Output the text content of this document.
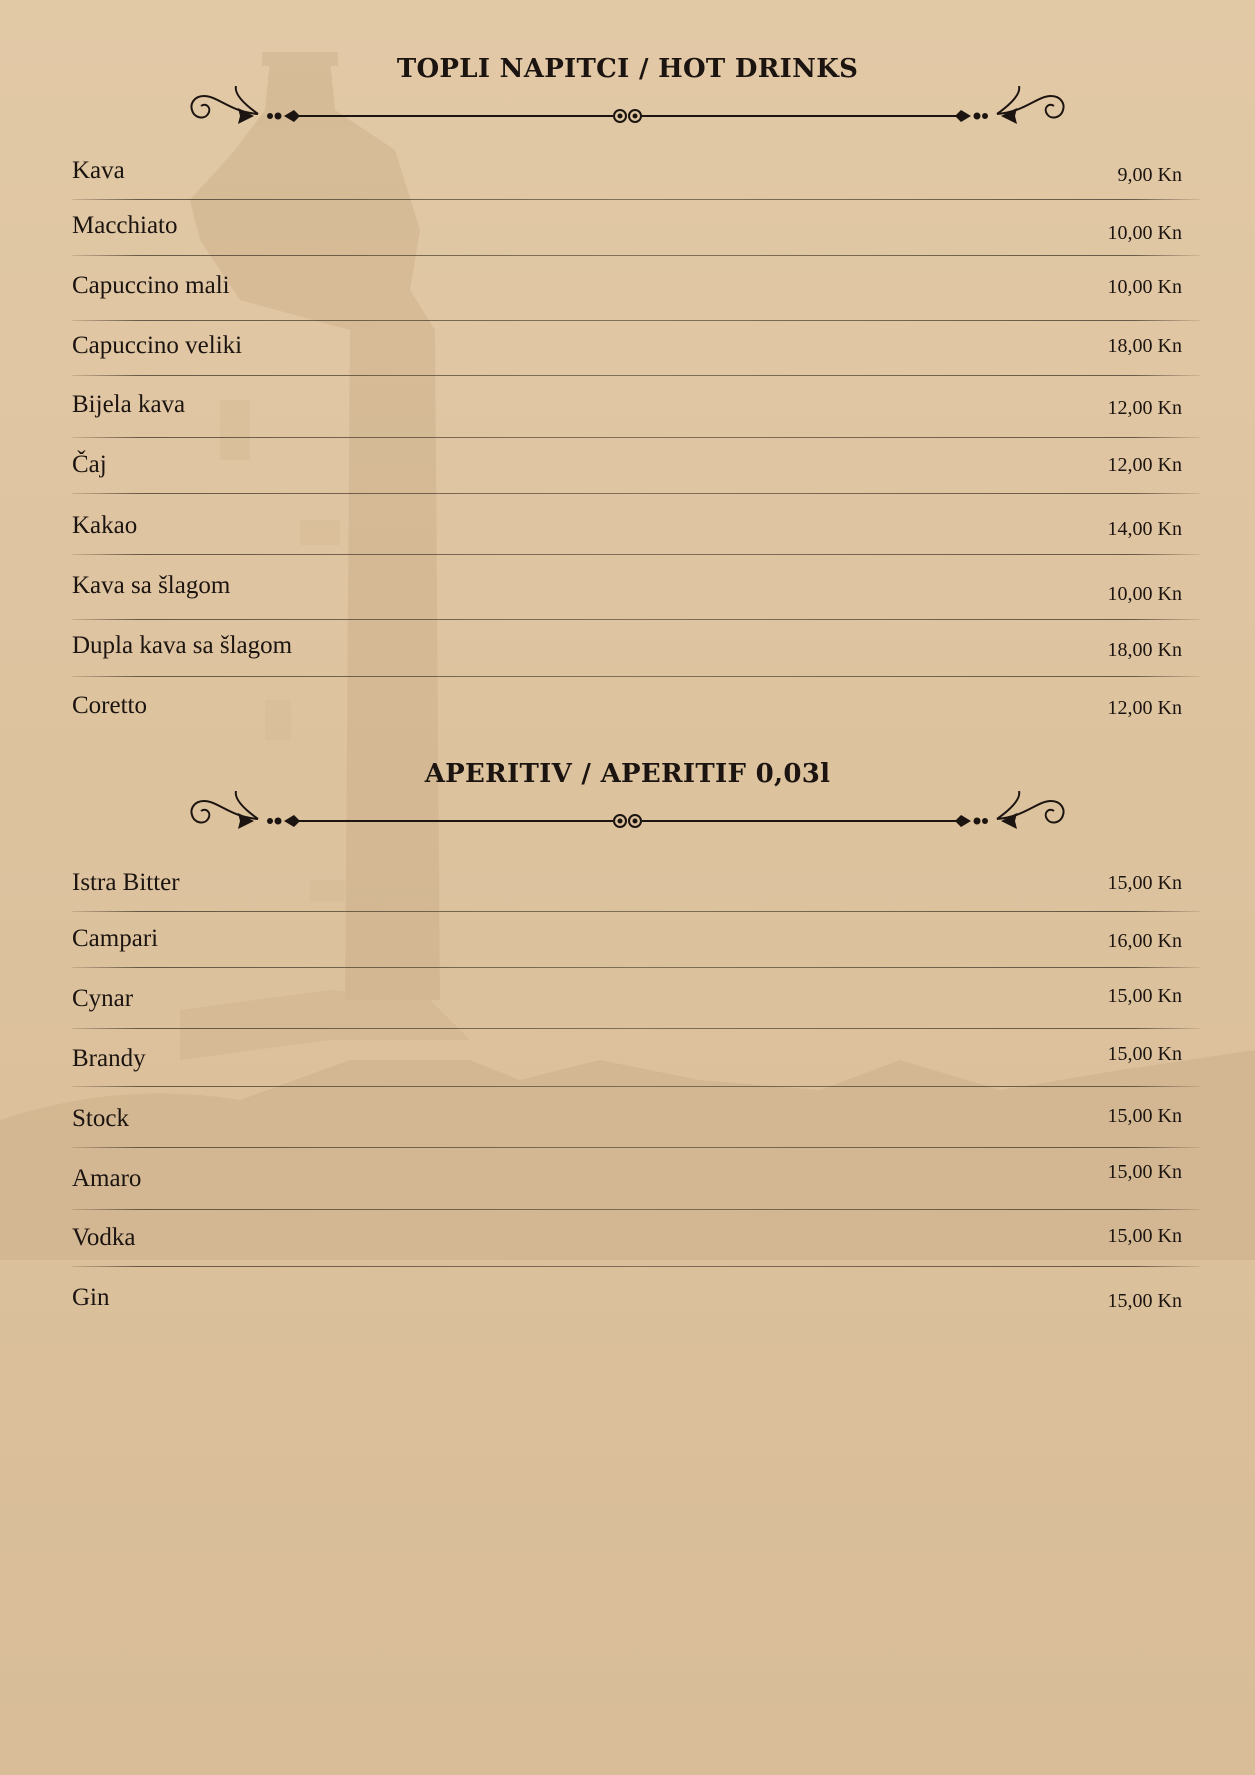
TOPLI NAPITCI / HOT DRINKS
Kava	9,00 Kn
Macchiato	10,00 Kn
Capuccino mali	10,00 Kn
Capuccino veliki	18,00 Kn
Bijela kava	12,00 Kn
Čaj	12,00 Kn
Kakao	14,00 Kn
Kava sa šlagom	10,00 Kn
Dupla kava sa šlagom	18,00 Kn
Coretto	12,00 Kn
APERITIV / APERITIF 0,03l
Istra Bitter	15,00 Kn
Campari	16,00 Kn
Cynar	15,00 Kn
Brandy	15,00 Kn
Stock	15,00 Kn
Amaro	15,00 Kn
Vodka	15,00 Kn
Gin	15,00 Kn
